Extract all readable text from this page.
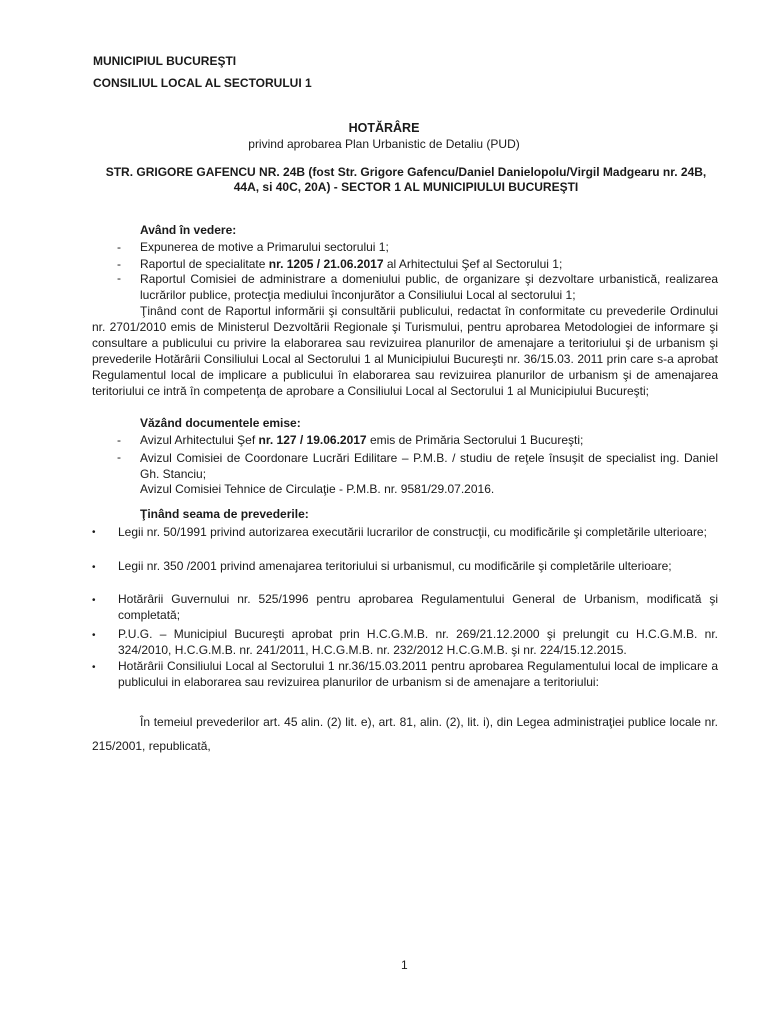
MUNICIPIUL BUCUREŞTI
CONSILIUL LOCAL AL SECTORULUI 1
HOTĂRÂRE
privind aprobarea Plan Urbanistic de Detaliu (PUD)
STR. GRIGORE GAFENCU NR. 24B (fost Str. Grigore Gafencu/Daniel Danielopolu/Virgil Madgearu nr. 24B, 44A, si 40C, 20A) - SECTOR 1 AL MUNICIPIULUI BUCUREŞTI
Având în vedere:
- Expunerea de motive a Primarului sectorului 1;
- Raportul de specialitate nr. 1205 / 21.06.2017 al Arhitectului Şef al Sectorului 1;
- Raportul Comisiei de administrare a domeniului public, de organizare şi dezvoltare urbanistică, realizarea lucrărilor publice, protecţia mediului înconjurător a Consiliului Local al sectorului 1;
Ţinând cont de Raportul informării şi consultării publicului, redactat în conformitate cu prevederile Ordinului nr. 2701/2010 emis de Ministerul Dezvoltării Regionale şi Turismului, pentru aprobarea Metodologiei de informare şi consultare a publicului cu privire la elaborarea sau revizuirea planurilor de amenajare a teritoriului şi de urbanism şi prevederile Hotărârii Consiliului Local al Sectorului 1 al Municipiului Bucureşti nr. 36/15.03. 2011 prin care s-a aprobat Regulamentul local de implicare a publicului în elaborarea sau revizuirea planurilor de urbanism şi de amenajarea teritoriului ce intră în competenţa de aprobare a Consiliului Local al Sectorului 1 al Municipiului Bucureşti;
Văzând documentele emise:
- Avizul Arhitectului Şef nr. 127 / 19.06.2017 emis de Primăria Sectorului 1 Bucureşti;
- Avizul Comisiei de Coordonare Lucrări Edilitare – P.M.B. / studiu de reţele însuşit de specialist ing. Daniel Gh. Stanciu;
Avizul Comisiei Tehnice de Circulaţie - P.M.B. nr. 9581/29.07.2016.
Ţinând seama de prevederile:
• Legii nr. 50/1991 privind autorizarea executării lucrarilor de construcţii, cu modificările şi completările ulterioare;
• Legii nr. 350 /2001 privind amenajarea teritoriului si urbanismul, cu modificările şi completările ulterioare;
• Hotărârii Guvernului nr. 525/1996 pentru aprobarea Regulamentului General de Urbanism, modificată şi completată;
• P.U.G. – Municipiul Bucureşti aprobat prin H.C.G.M.B. nr. 269/21.12.2000 şi prelungit cu H.C.G.M.B. nr. 324/2010, H.C.G.M.B. nr. 241/2011, H.C.G.M.B. nr. 232/2012 H.C.G.M.B. şi nr. 224/15.12.2015.
• Hotărârii Consiliului Local al Sectorului 1 nr.36/15.03.2011 pentru aprobarea Regulamentului local de implicare a publicului in elaborarea sau revizuirea planurilor de urbanism si de amenajare a teritoriului:
În temeiul prevederilor art. 45 alin. (2) lit. e), art. 81, alin. (2), lit. i), din Legea administraţiei publice locale nr. 215/2001, republicată,
1
